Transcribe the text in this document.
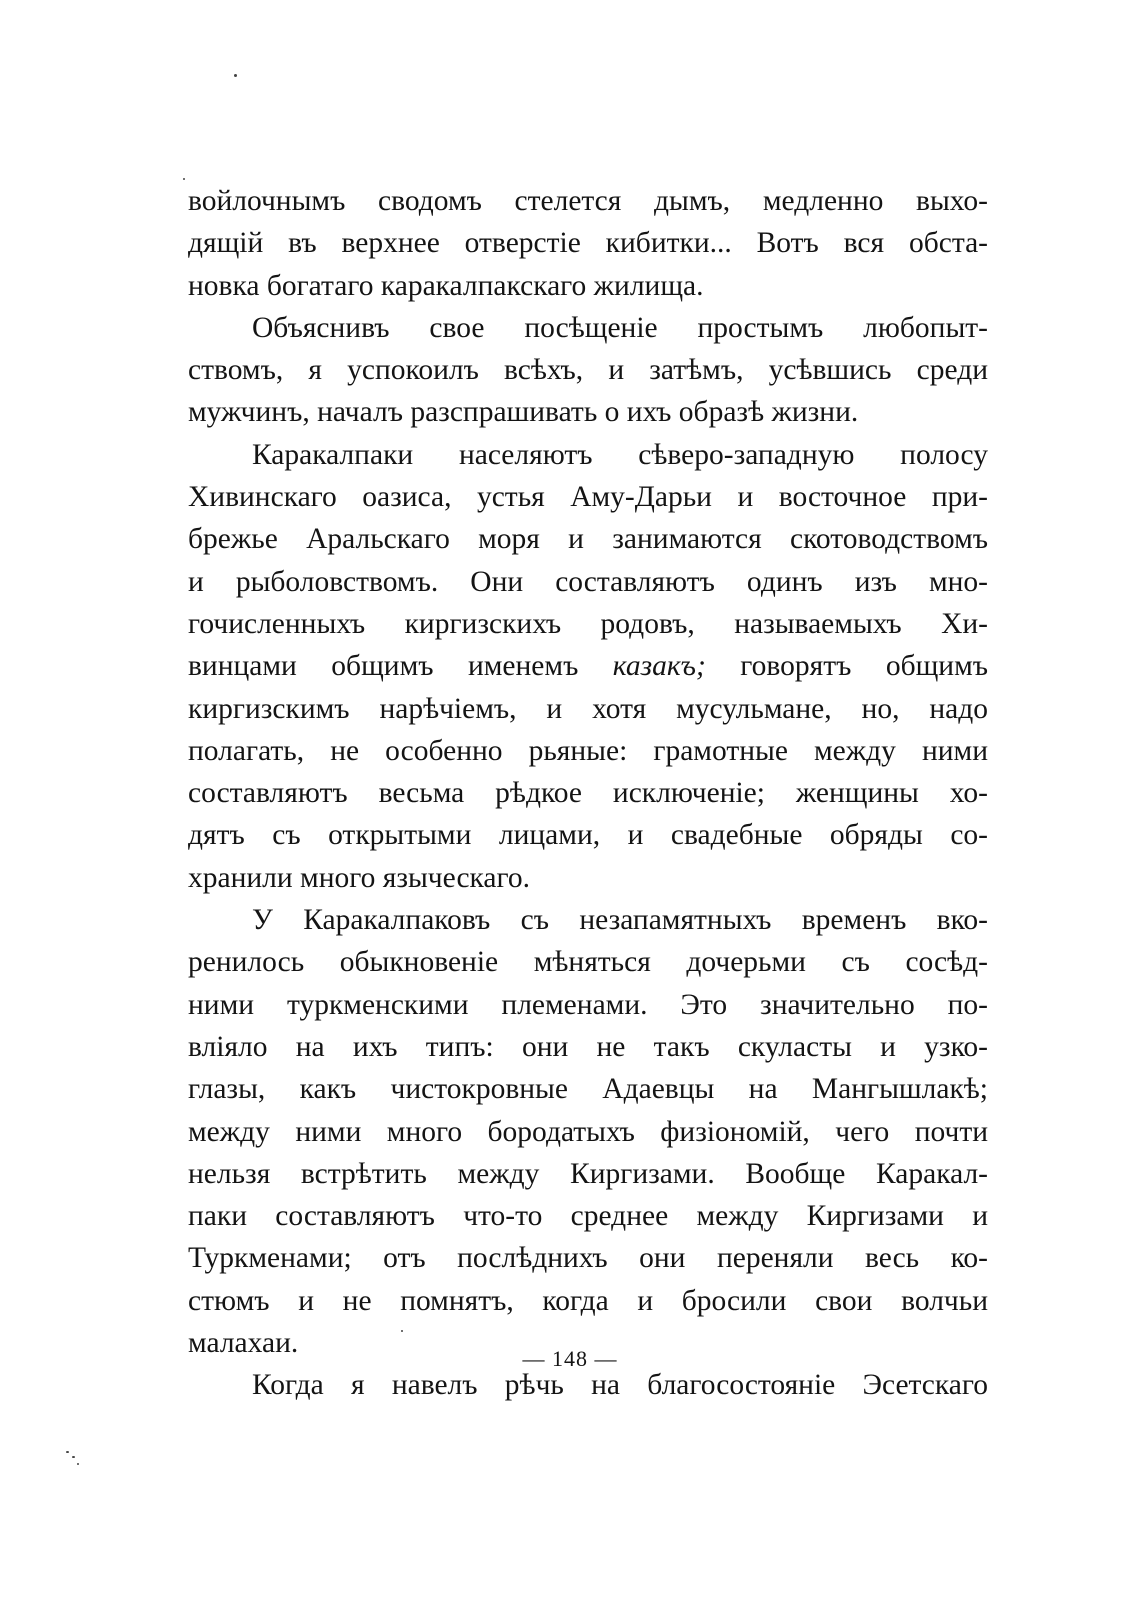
войлочнымъ сводомъ стелется дымъ, медленно выхо-
дящій въ верхнее отверстіе кибитки... Вотъ вся обста-
новка богатаго каракалпакскаго жилища.
Объяснивъ свое посѣщеніе простымъ любопыт-
ствомъ, я успокоилъ всѣхъ, и затѣмъ, усѣвшись среди
мужчинъ, началъ разспрашивать о ихъ образѣ жизни.
Каракалпаки населяютъ сѣверо-западную полосу
Хивинскаго оазиса, устья Аму-Дарьи и восточное при-
брежье Аральскаго моря и занимаются скотоводствомъ
и рыболовствомъ. Они составляютъ одинъ изъ мно-
гочисленныхъ киргизскихъ родовъ, называемыхъ Хи-
винцами общимъ именемъ казакъ; говорятъ общимъ
киргизскимъ нарѣчіемъ, и хотя мусульмане, но, надо
полагать, не особенно рьяные: грамотные между ними
составляютъ весьма рѣдкое исключеніе; женщины хо-
дятъ съ открытыми лицами, и свадебные обряды со-
хранили много языческаго.
У Каракалпаковъ съ незапамятныхъ временъ вко-
ренилось обыкновеніе мѣняться дочерьми съ сосѣд-
ними туркменскими племенами. Это значительно по-
вліяло на ихъ типъ: они не такъ скуласты и узко-
глазы, какъ чистокровные Адаевцы на Мангышлакѣ;
между ними много бородатыхъ физіономій, чего почти
нельзя встрѣтить между Киргизами. Вообще Каракал-
паки составляютъ что-то среднее между Киргизами и
Туркменами; отъ послѣднихъ они переняли весь ко-
стюмъ и не помнятъ, когда и бросили свои волчьи
малахаи.
Когда я навелъ рѣчь на благосостояніе Эсетскаго
— 148 —
